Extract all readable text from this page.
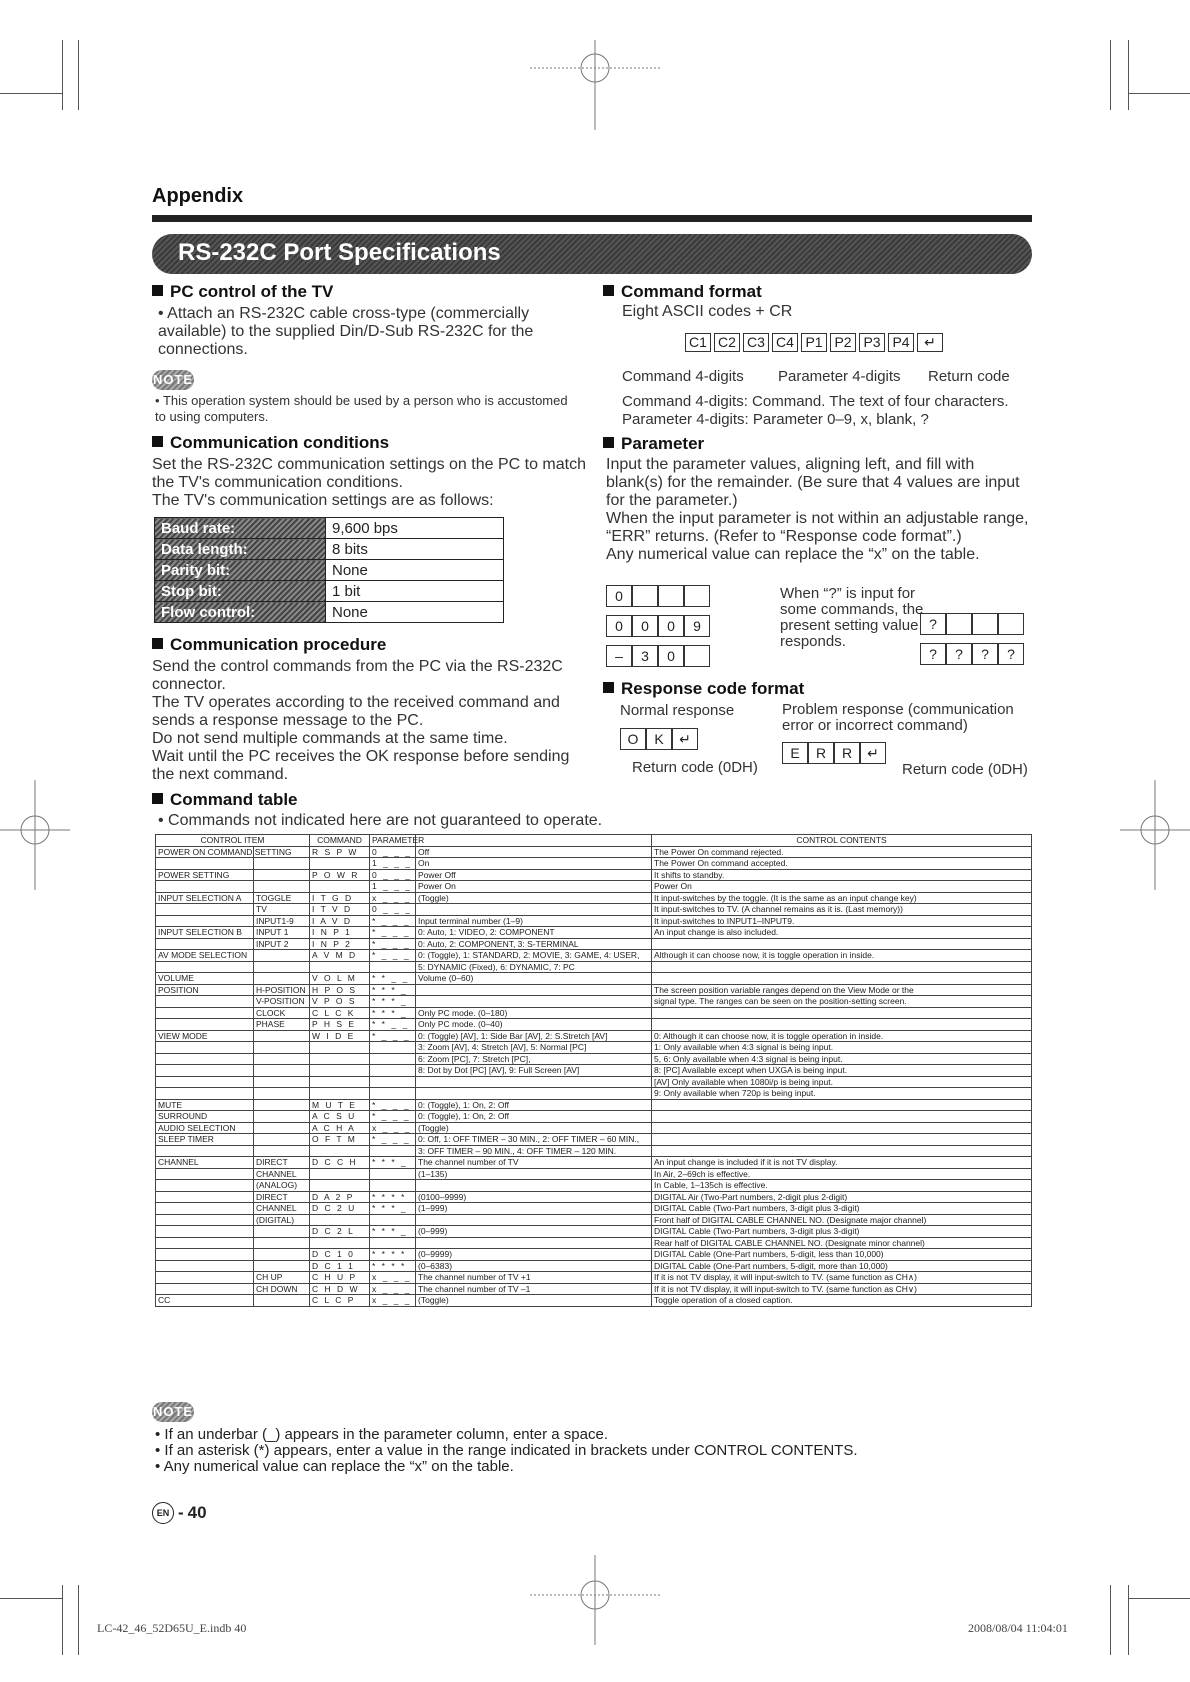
Appendix
RS-232C Port Specifications
PC control of the TV
• Attach an RS-232C cable cross-type (commercially available) to the supplied Din/D-Sub RS-232C for the connections.
NOTE
• This operation system should be used by a person who is accustomed to using computers.
Communication conditions
Set the RS-232C communication settings on the PC to match the TV's communication conditions.
The TV's communication settings are as follows:
Baud rate:	9,600 bps
Data length:	8 bits
Parity bit:	None
Stop bit:	1 bit
Flow control:	None
Communication procedure
Send the control commands from the PC via the RS-232C connector.
The TV operates according to the received command and sends a response message to the PC.
Do not send multiple commands at the same time.
Wait until the PC receives the OK response before sending the next command.
Command table
• Commands not indicated here are not guaranteed to operate.
Command format
Eight ASCII codes + CR
C1 C2 C3 C4 P1 P2 P3 P4	↵
Command 4-digits Parameter 4-digits Return code
Command 4-digits: Command. The text of four characters.
Parameter 4-digits: Parameter 0–9, x, blank, ?
Parameter
Input the parameter values, aligning left, and fill with blank(s) for the remainder. (Be sure that 4 values are input for the parameter.)
When the input parameter is not within an adjustable range, “ERR” returns. (Refer to “Response code format”.)
Any numerical value can replace the “x” on the table.
0
0	0	0	9
–	3	0
When “?” is input for some commands, the present setting value responds.
?
?	?	?	?
Response code format
Normal response	Problem response (communication error or incorrect command)
O	K	↵
E	R	R	↵
Return code (0DH)	Return code (0DH)
CONTROL ITEM		COMMAND	PARAMETER		CONTROL CONTENTS
POWER ON COMMAND SETTING		R S P W	0 _ _ _	Off	The Power On command rejected.
			1 _ _ _	On	The Power On command accepted.
POWER SETTING		P O W R	0 _ _ _	Power Off	It shifts to standby.
			1 _ _ _	Power On	Power On
INPUT SELECTION A	TOGGLE	I T G D	x _ _ _	(Toggle)	It input-switches by the toggle. (It is the same as an input change key)
	TV	I T V D	0 _ _ _		It input-switches to TV. (A channel remains as it is. (Last memory))
	INPUT1-9	I A V D	* _ _ _	Input terminal number (1–9)	It input-switches to INPUT1–INPUT9.
INPUT SELECTION B	INPUT 1	I N P 1	* _ _ _	0: Auto, 1: VIDEO, 2: COMPONENT	An input change is also included.
	INPUT 2	I N P 2	* _ _ _	0: Auto, 2: COMPONENT, 3: S-TERMINAL	
AV MODE SELECTION		A V M D	* _ _ _	0: (Toggle), 1: STANDARD, 2: MOVIE, 3: GAME, 4: USER,	Although it can choose now, it is toggle operation in inside.
				5: DYNAMIC (Fixed), 6: DYNAMIC, 7: PC	
VOLUME		V O L M	* * _ _	Volume (0–60)	
POSITION	H-POSITION	H P O S	* * * _		The screen position variable ranges depend on the View Mode or the
	V-POSITION	V P O S	* * * _		signal type. The ranges can be seen on the position-setting screen.
	CLOCK	C L C K	* * * _	Only PC mode. (0–180)	
	PHASE	P H S E	* * _ _	Only PC mode. (0–40)	
VIEW MODE		W I D E	* _ _ _	0: (Toggle) [AV], 1: Side Bar [AV], 2: S.Stretch [AV]	0: Although it can choose now, it is toggle operation in inside.
				3: Zoom [AV], 4: Stretch [AV], 5: Normal [PC]	1: Only available when 4:3 signal is being input.
				6: Zoom [PC], 7: Stretch [PC],	5, 6: Only available when 4:3 signal is being input.
				8: Dot by Dot [PC] [AV], 9: Full Screen [AV]	8: [PC] Available except when UXGA is being input.
					[AV] Only available when 1080i/p is being input.
					9: Only available when 720p is being input.
MUTE		M U T E	* _ _ _	0: (Toggle), 1: On, 2: Off	
SURROUND		A C S U	* _ _ _	0: (Toggle), 1: On, 2: Off	
AUDIO SELECTION		A C H A	x _ _ _	(Toggle)	
SLEEP TIMER		O F T M	* _ _ _	0: Off, 1: OFF TIMER – 30 MIN., 2: OFF TIMER – 60 MIN.,	
				3: OFF TIMER – 90 MIN., 4: OFF TIMER – 120 MIN.	
CHANNEL	DIRECT	D C C H	* * * _	The channel number of TV	An input change is included if it is not TV display.
	CHANNEL			(1–135)	In Air, 2–69ch is effective.
	(ANALOG)				In Cable, 1–135ch is effective.
	DIRECT	D A 2 P	* * * *	(0100–9999)	DIGITAL Air (Two-Part numbers, 2-digit plus 2-digit)
	CHANNEL	D C 2 U	* * * _	(1–999)	DIGITAL Cable (Two-Part numbers, 3-digit plus 3-digit)
	(DIGITAL)				Front half of DIGITAL CABLE CHANNEL NO. (Designate major channel)
		D C 2 L	* * * _	(0–999)	DIGITAL Cable (Two-Part numbers, 3-digit plus 3-digit)
					Rear half of DIGITAL CABLE CHANNEL NO. (Designate minor channel)
		D C 1 0	* * * *	(0–9999)	DIGITAL Cable (One-Part numbers, 5-digit, less than 10,000)
		D C 1 1	* * * *	(0–6383)	DIGITAL Cable (One-Part numbers, 5-digit, more than 10,000)
	CH UP	C H U P	x _ _ _	The channel number of TV +1	If it is not TV display, it will input-switch to TV. (same function as CH∧)
	CH DOWN	C H D W	x _ _ _	The channel number of TV –1	If it is not TV display, it will input-switch to TV. (same function as CH∨)
CC		C L C P	x _ _ _	(Toggle)	Toggle operation of a closed caption.
NOTE
• If an underbar (_) appears in the parameter column, enter a space.
• If an asterisk (*) appears, enter a value in the range indicated in brackets under CONTROL CONTENTS.
• Any numerical value can replace the “x” on the table.
EN - 40
LC-42_46_52D65U_E.indb 40	2008/08/04 11:04:01
